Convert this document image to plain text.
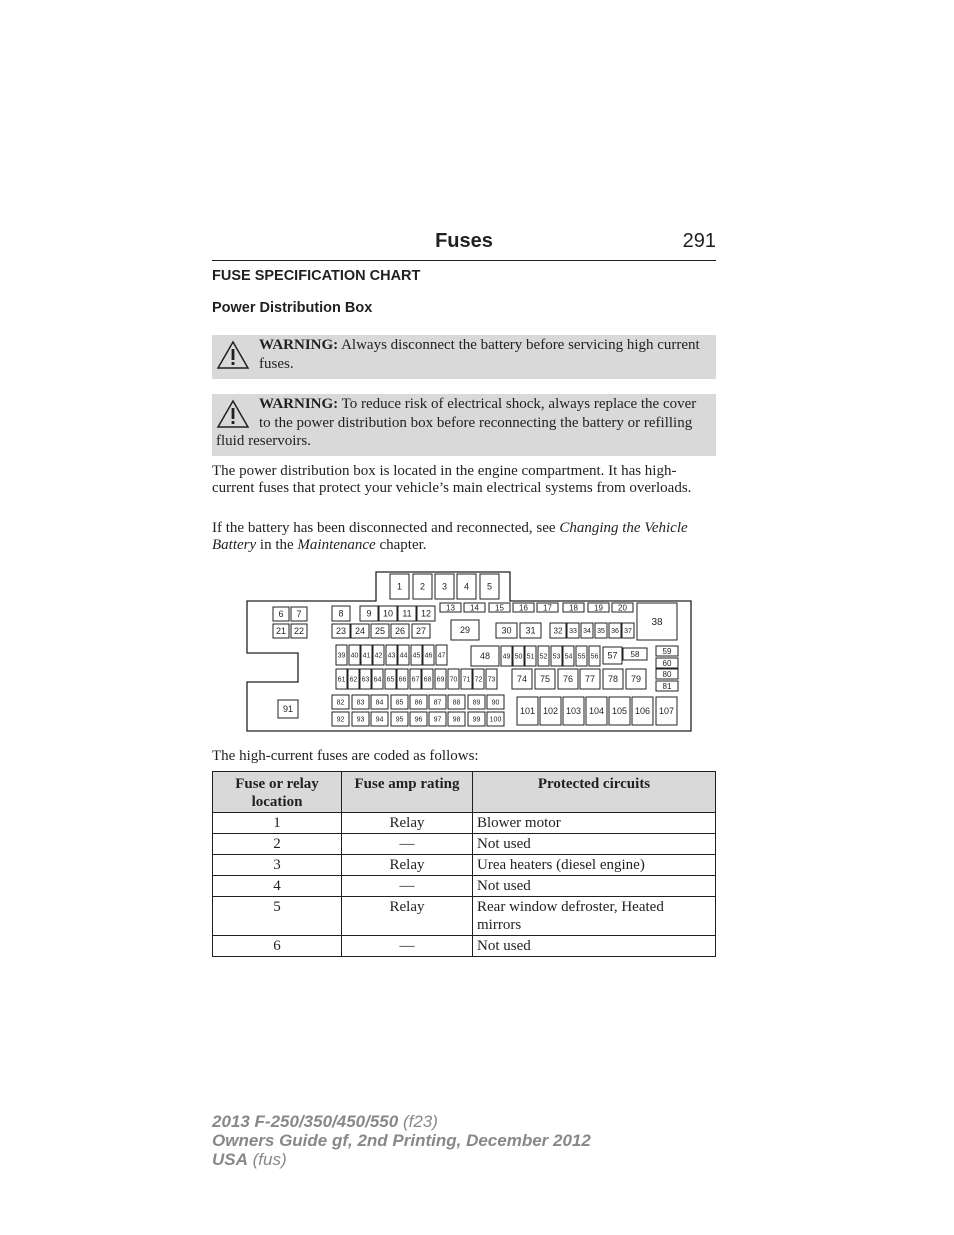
Fuses	291
FUSE SPECIFICATION CHART
Power Distribution Box
WARNING: Always disconnect the battery before servicing high current fuses.
WARNING: To reduce risk of electrical shock, always replace the cover to the power distribution box before reconnecting the battery or refilling fluid reservoirs.
The power distribution box is located in the engine compartment. It has high-current fuses that protect your vehicle’s main electrical systems from overloads.
If the battery has been disconnected and reconnected, see Changing the Vehicle Battery in the Maintenance chapter.
1 2 3 4 5
6 7	9 10 11 12
13 14 15 16 17 18 19 20
21 22	23 24 25 26 27	29	30 31 32 33 34 35 36 37
38
39 40 41 42 43 44 45 46 47	48 49 50 51 52 53 54 55 56 57 58	59
60
61 62 63 64 65 66 67 68 69 70 71 72 73 74 75 76 77 78 79	80
81
82 83 84 85 86 87 88 89 90
91
92 93 94 95 96 97 98 99 100
101 102 103 104 105 106 107
8
The high-current fuses are coded as follows:
Fuse or relay location	Fuse amp rating	Protected circuits
1	Relay	Blower motor
2	—	Not used
3	Relay	Urea heaters (diesel engine)
4	—	Not used
5	Relay	Rear window defroster, Heated mirrors
6	—	Not used
2013 F-250/350/450/550 (f23)
Owners Guide gf, 2nd Printing, December 2012
USA (fus)
